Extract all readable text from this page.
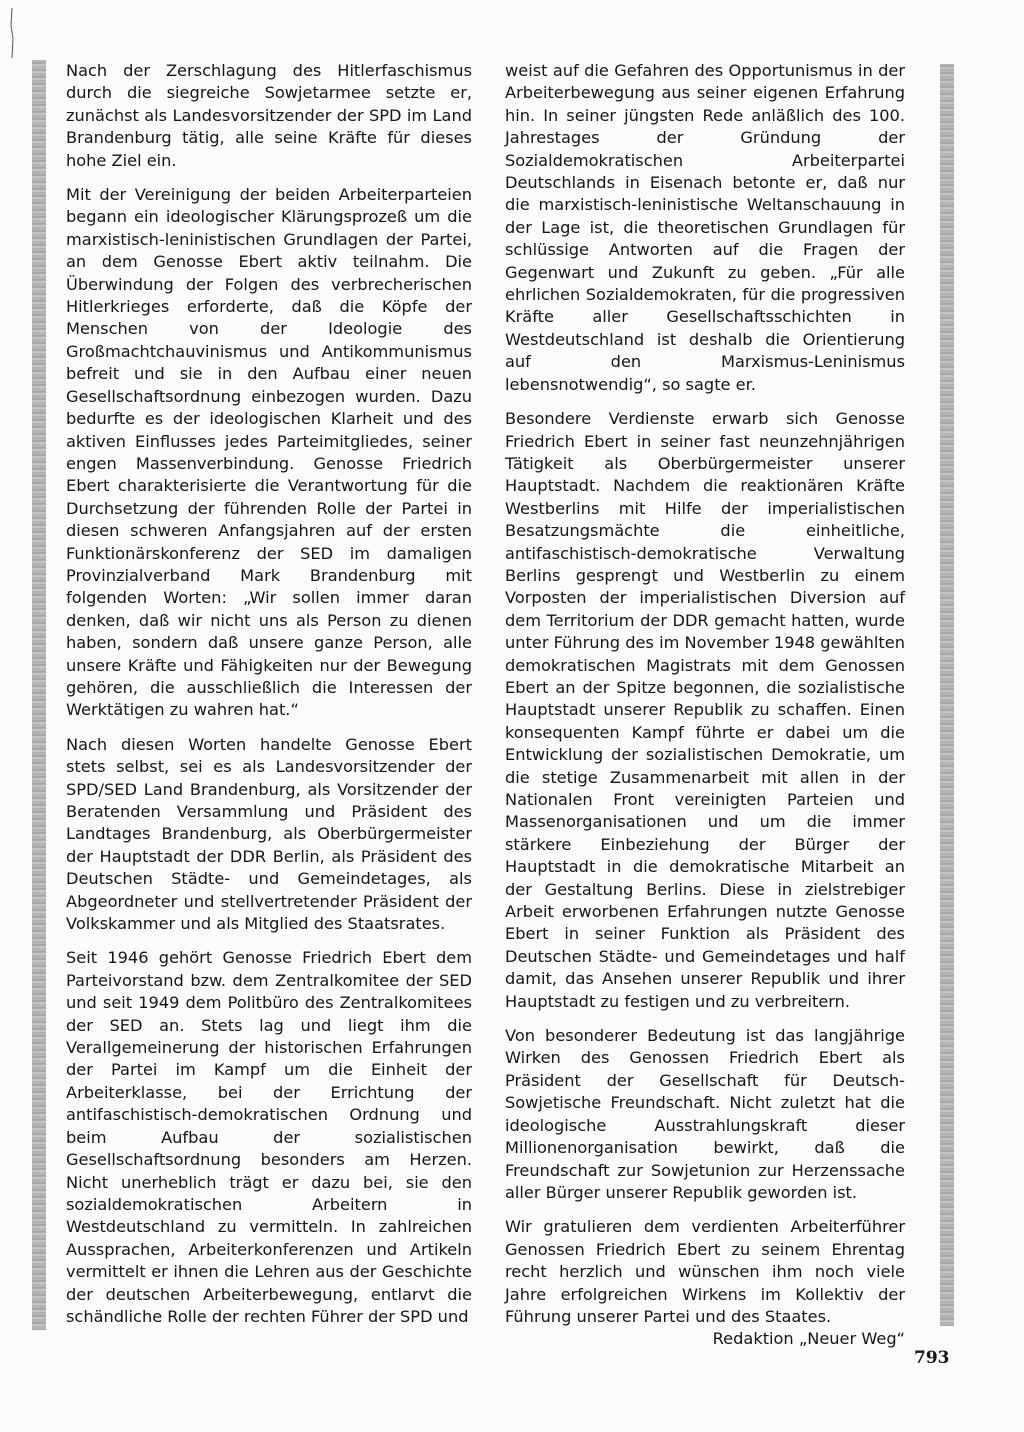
Nach der Zerschlagung des Hitlerfaschismus durch die siegreiche Sowjetarmee setzte er, zunächst als Landesvorsitzender der SPD im Land Brandenburg tätig, alle seine Kräfte für dieses hohe Ziel ein.

Mit der Vereinigung der beiden Arbeiterparteien begann ein ideologischer Klärungsprozeß um die marxistisch-leninistischen Grundlagen der Partei, an dem Genosse Ebert aktiv teilnahm. Die Überwindung der Folgen des verbrecherischen Hitlerkrieges erforderte, daß die Köpfe der Menschen von der Ideologie des Großmachtchauvinismus und Antikommunismus befreit und sie in den Aufbau einer neuen Gesellschaftsordnung einbezogen wurden. Dazu bedurfte es der ideologischen Klarheit und des aktiven Einflusses jedes Parteimitgliedes, seiner engen Massenverbindung. Genosse Friedrich Ebert charakterisierte die Verantwortung für die Durchsetzung der führenden Rolle der Partei in diesen schweren Anfangsjahren auf der ersten Funktionärskonferenz der SED im damaligen Provinzialverband Mark Brandenburg mit folgenden Worten: „Wir sollen immer daran denken, daß wir nicht uns als Person zu dienen haben, sondern daß unsere ganze Person, alle unsere Kräfte und Fähigkeiten nur der Bewegung gehören, die ausschließlich die Interessen der Werktätigen zu wahren hat.“

Nach diesen Worten handelte Genosse Ebert stets selbst, sei es als Landesvorsitzender der SPD/SED Land Brandenburg, als Vorsitzender der Beratenden Versammlung und Präsident des Landtages Brandenburg, als Oberbürgermeister der Hauptstadt der DDR Berlin, als Präsident des Deutschen Städte- und Gemeindetages, als Abgeordneter und stellvertretender Präsident der Volkskammer und als Mitglied des Staatsrates.

Seit 1946 gehört Genosse Friedrich Ebert dem Parteivorstand bzw. dem Zentralkomitee der SED und seit 1949 dem Politbüro des Zentralkomitees der SED an. Stets lag und liegt ihm die Verallgemeinerung der historischen Erfahrungen der Partei im Kampf um die Einheit der Arbeiterklasse, bei der Errichtung der antifaschistisch-demokratischen Ordnung und beim Aufbau der sozialistischen Gesellschaftsordnung besonders am Herzen. Nicht unerheblich trägt er dazu bei, sie den sozialdemokratischen Arbeitern in Westdeutschland zu vermitteln. In zahlreichen Aussprachen, Arbeiterkonferenzen und Artikeln vermittelt er ihnen die Lehren aus der Geschichte der deutschen Arbeiterbewegung, entlarvt die schändliche Rolle der rechten Führer der SPD und

weist auf die Gefahren des Opportunismus in der Arbeiterbewegung aus seiner eigenen Erfahrung hin. In seiner jüngsten Rede anläßlich des 100. Jahrestages der Gründung der Sozialdemokratischen Arbeiterpartei Deutschlands in Eisenach betonte er, daß nur die marxistisch-leninistische Weltanschauung in der Lage ist, die theoretischen Grundlagen für schlüssige Antworten auf die Fragen der Gegenwart und Zukunft zu geben. „Für alle ehrlichen Sozialdemokraten, für die progressiven Kräfte aller Gesellschaftsschichten in Westdeutschland ist deshalb die Orientierung auf den Marxismus-Leninismus lebensnotwendig“, so sagte er.

Besondere Verdienste erwarb sich Genosse Friedrich Ebert in seiner fast neunzehnjährigen Tätigkeit als Oberbürgermeister unserer Hauptstadt. Nachdem die reaktionären Kräfte Westberlins mit Hilfe der imperialistischen Besatzungsmächte die einheitliche, antifaschistisch-demokratische Verwaltung Berlins gesprengt und Westberlin zu einem Vorposten der imperialistischen Diversion auf dem Territorium der DDR gemacht hatten, wurde unter Führung des im November 1948 gewählten demokratischen Magistrats mit dem Genossen Ebert an der Spitze begonnen, die sozialistische Hauptstadt unserer Republik zu schaffen. Einen konsequenten Kampf führte er dabei um die Entwicklung der sozialistischen Demokratie, um die stetige Zusammenarbeit mit allen in der Nationalen Front vereinigten Parteien und Massenorganisationen und um die immer stärkere Einbeziehung der Bürger der Hauptstadt in die demokratische Mitarbeit an der Gestaltung Berlins. Diese in zielstrebiger Arbeit erworbenen Erfahrungen nutzte Genosse Ebert in seiner Funktion als Präsident des Deutschen Städte- und Gemeindetages und half damit, das Ansehen unserer Republik und ihrer Hauptstadt zu festigen und zu verbreitern.

Von besonderer Bedeutung ist das langjährige Wirken des Genossen Friedrich Ebert als Präsident der Gesellschaft für Deutsch-Sowjetische Freundschaft. Nicht zuletzt hat die ideologische Ausstrahlungskraft dieser Millionenorganisation bewirkt, daß die Freundschaft zur Sowjetunion zur Herzenssache aller Bürger unserer Republik geworden ist.

Wir gratulieren dem verdienten Arbeiterführer Genossen Friedrich Ebert zu seinem Ehrentag recht herzlich und wünschen ihm noch viele Jahre erfolgreichen Wirkens im Kollektiv der Führung unserer Partei und des Staates.

Redaktion „Neuer Weg“
793
